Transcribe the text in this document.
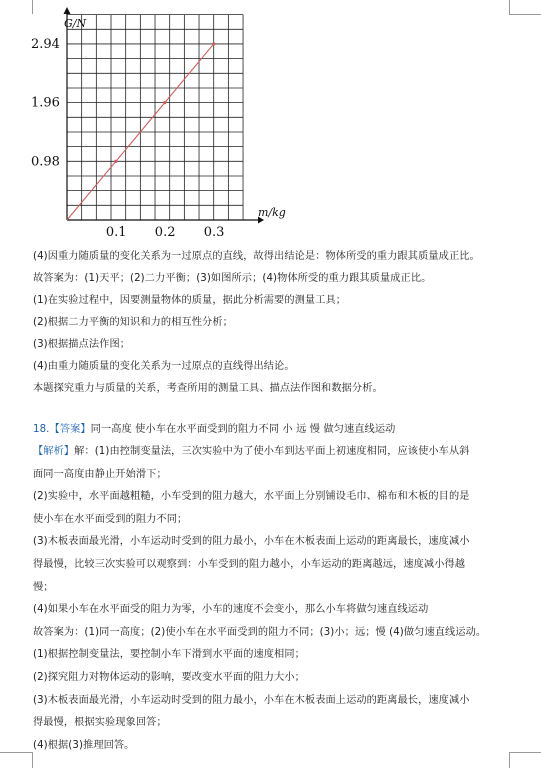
0.1 0.2 0.3
0.98
1.96
2.94
G/N
m/kg
(4)因重力随质量的变化关系为一过原点的直线，故得出结论是：物体所受的重力跟其质量成正比。
故答案为：(1)天平；(2)二力平衡；(3)如图所示；(4)物体所受的重力跟其质量成正比。
(1)在实验过程中，因要测量物体的质量，据此分析需要的测量工具；
(2)根据二力平衡的知识和力的相互性分析；
(3)根据描点法作图；
(4)由重力随质量的变化关系为一过原点的直线得出结论。
本题探究重力与质量的关系，考查所用的测量工具、描点法作图和数据分析。
18.【答案】同一高度 使小车在水平面受到的阻力不同 小 远 慢 做匀速直线运动
【解析】解：(1)由控制变量法，三次实验中为了使小车到达平面上初速度相同，应该使小车从斜
面同一高度由静止开始滑下；
(2)实验中，水平面越粗糙，小车受到的阻力越大，水平面上分别铺设毛巾、棉布和木板的目的是
使小车在水平面受到的阻力不同；
(3)木板表面最光滑，小车运动时受到的阻力最小，小车在木板表面上运动的距离最长，速度减小
得最慢，比较三次实验可以观察到：小车受到的阻力越小，小车运动的距离越远，速度减小得越
慢；
(4)如果小车在水平面受的阻力为零，小车的速度不会变小，那么小车将做匀速直线运动
故答案为：(1)同一高度；(2)使小车在水平面受到的阻力不同；(3)小；远；慢 (4)做匀速直线运动。
(1)根据控制变量法，要控制小车下滑到水平面的速度相同；
(2)探究阻力对物体运动的影响，要改变水平面的阻力大小；
(3)木板表面最光滑，小车运动时受到的阻力最小，小车在木板表面上运动的距离最长，速度减小
得最慢，根据实验现象回答；
(4)根据(3)推理回答。
